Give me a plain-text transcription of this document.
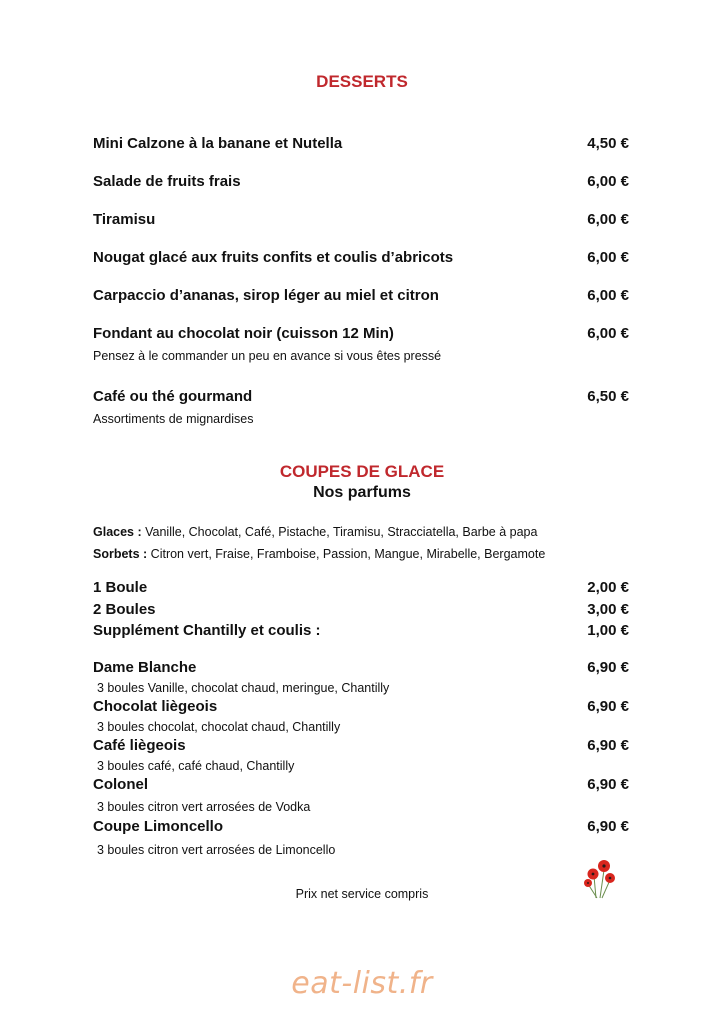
DESSERTS
Mini Calzone à la banane et Nutella	4,50 €
Salade de fruits frais	6,00 €
Tiramisu	6,00 €
Nougat glacé aux fruits confits et coulis d’abricots	6,00 €
Carpaccio d’ananas, sirop léger au miel et citron	6,00 €
Fondant au chocolat noir (cuisson 12 Min)	6,00 €
Pensez à le commander un peu en avance si vous êtes pressé
Café ou thé gourmand	6,50 €
Assortiments de mignardises
COUPES DE GLACE
Nos parfums
Glaces : Vanille, Chocolat, Café, Pistache, Tiramisu, Stracciatella, Barbe à papa
Sorbets : Citron vert, Fraise, Framboise, Passion, Mangue, Mirabelle, Bergamote
1 Boule	2,00 €
2 Boules	3,00 €
Supplément Chantilly et coulis :	1,00 €
Dame Blanche	6,90 €
3 boules Vanille, chocolat chaud, meringue, Chantilly
Chocolat liègeois	6,90 €
3 boules chocolat, chocolat chaud, Chantilly
Café liègeois	6,90 €
3 boules café, café chaud, Chantilly
Colonel	6,90 €
3 boules citron vert arrosées de Vodka
Coupe Limoncello	6,90 €
3 boules citron vert arrosées de Limoncello
Prix net service compris
eat-list.fr
